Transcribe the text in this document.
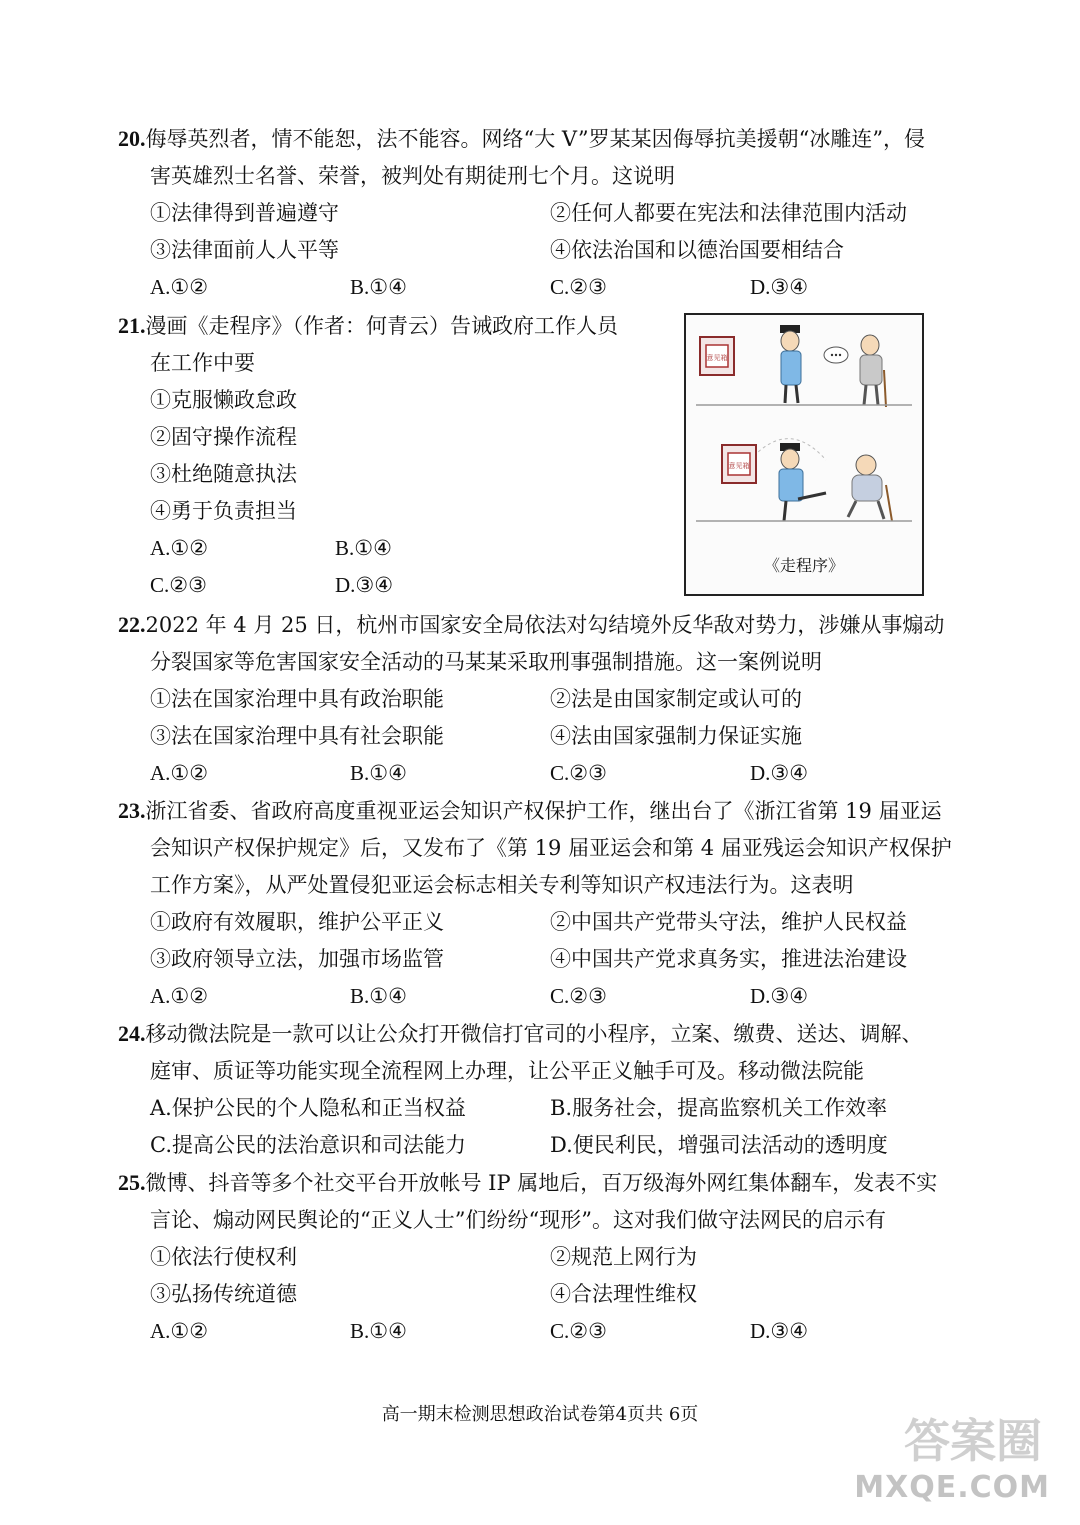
20.侮辱英烈者，情不能恕，法不能容。网络“大 V”罗某某因侮辱抗美援朝“冰雕连”，侵
害英雄烈士名誉、荣誉，被判处有期徒刑七个月。这说明
①法律得到普遍遵守	②任何人都要在宪法和法律范围内活动
③法律面前人人平等	④依法治国和以德治国要相结合
A.①②	B.①④	C.②③	D.③④
21.漫画《走程序》（作者：何青云）告诫政府工作人员
在工作中要
①克服懒政怠政
②固守操作流程
③杜绝随意执法
④勇于负责担当
A.①②	B.①④
C.②③	D.③④
意见箱
意见箱
《走程序》
22.2022 年 4 月 25 日，杭州市国家安全局依法对勾结境外反华敌对势力，涉嫌从事煽动
分裂国家等危害国家安全活动的马某某采取刑事强制措施。这一案例说明
①法在国家治理中具有政治职能	②法是由国家制定或认可的
③法在国家治理中具有社会职能	④法由国家强制力保证实施
A.①②	B.①④	C.②③	D.③④
23.浙江省委、省政府高度重视亚运会知识产权保护工作，继出台了《浙江省第 19 届亚运
会知识产权保护规定》后，又发布了《第 19 届亚运会和第 4 届亚残运会知识产权保护
工作方案》，从严处置侵犯亚运会标志相关专利等知识产权违法行为。这表明
①政府有效履职，维护公平正义	②中国共产党带头守法，维护人民权益
③政府领导立法，加强市场监管	④中国共产党求真务实，推进法治建设
A.①②	B.①④	C.②③	D.③④
24.移动微法院是一款可以让公众打开微信打官司的小程序，立案、缴费、送达、调解、
庭审、质证等功能实现全流程网上办理，让公平正义触手可及。移动微法院能
A.保护公民的个人隐私和正当权益	B.服务社会，提高监察机关工作效率
C.提高公民的法治意识和司法能力	D.便民利民，增强司法活动的透明度
25.微博、抖音等多个社交平台开放帐号 IP 属地后，百万级海外网红集体翻车，发表不实
言论、煽动网民舆论的“正义人士”们纷纷“现形”。这对我们做守法网民的启示有
①依法行使权利	②规范上网行为
③弘扬传统道德	④合法理性维权
A.①②	B.①④	C.②③	D.③④
高一期末检测思想政治试卷第4页共 6页	答案圈
MXQE.COM
